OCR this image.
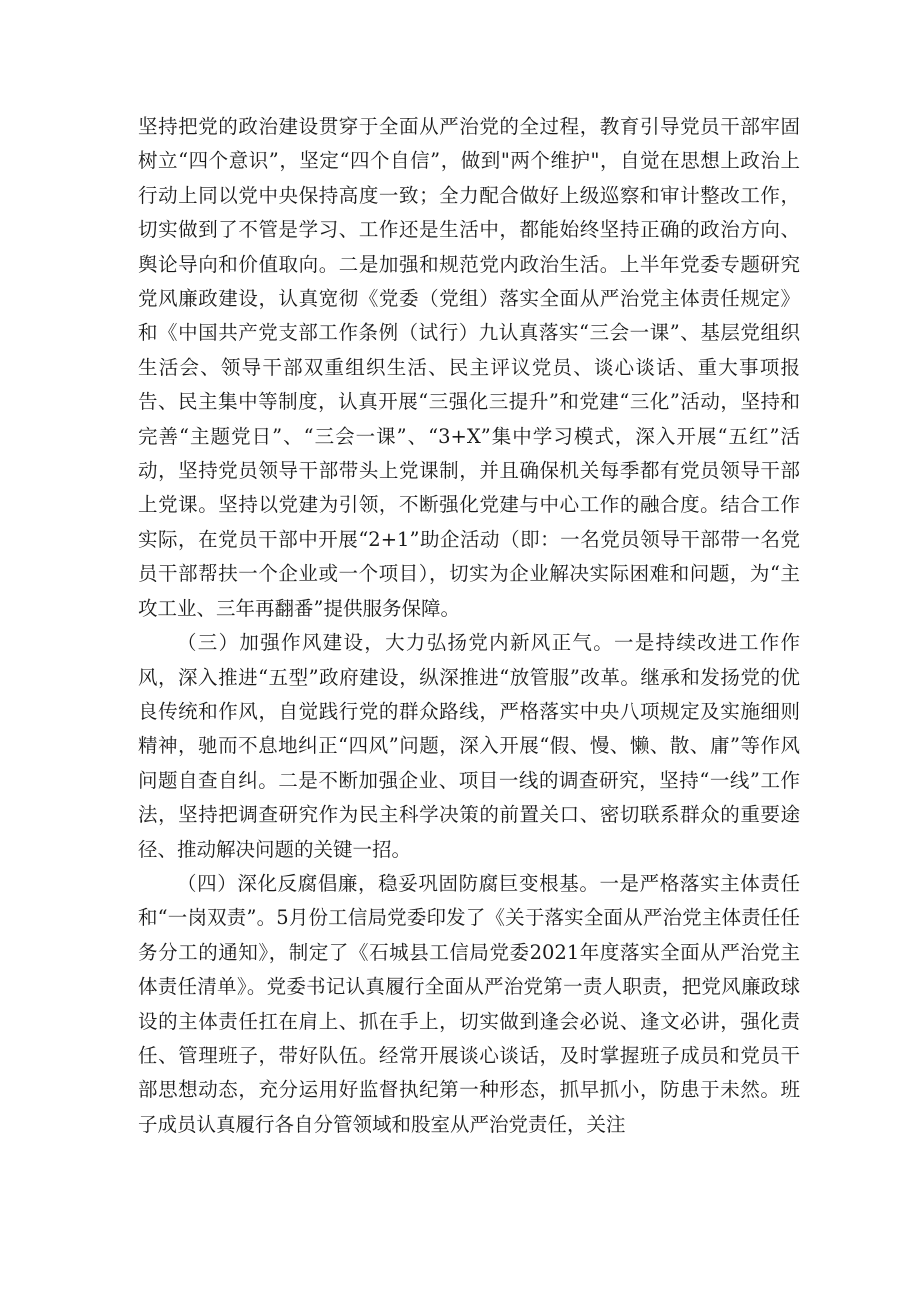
坚持把党的政治建设贯穿于全面从严治党的全过程，教育引导党员干部牢固树立“四个意识”，坚定“四个自信”，做到"两个维护"，自觉在思想上政治上行动上同以党中央保持高度一致；全力配合做好上级巡察和审计整改工作，切实做到了不管是学习、工作还是生活中，都能始终坚持正确的政治方向、舆论导向和价值取向。二是加强和规范党内政治生活。上半年党委专题研究党风廉政建设，认真宽彻《党委（党组）落实全面从严治党主体责任规定》和《中国共产党支部工作条例（试行）九认真落实“三会一课”、基层党组织生活会、领导干部双重组织生活、民主评议党员、谈心谈话、重大事项报告、民主集中等制度，认真开展“三强化三提升”和党建“三化”活动，坚持和完善“主题党日”、“三会一课”、“3+X”集中学习模式，深入开展“五红”活动，坚持党员领导干部带头上党课制，并且确保机关每季都有党员领导干部上党课。坚持以党建为引领，不断强化党建与中心工作的融合度。结合工作实际，在党员干部中开展“2+1”助企活动（即：一名党员领导干部带一名党员干部帮扶一个企业或一个项目），切实为企业解决实际困难和问题，为“主攻工业、三年再翻番”提供服务保障。

（三）加强作风建设，大力弘扬党内新风正气。一是持续改进工作作风，深入推进“五型”政府建设，纵深推进“放管服”改革。继承和发扬党的优良传统和作风，自觉践行党的群众路线，严格落实中央八项规定及实施细则精神，驰而不息地纠正“四风”问题，深入开展“假、慢、懒、散、庸”等作风问题自查自纠。二是不断加强企业、项目一线的调查研究，坚持“一线”工作法，坚持把调查研究作为民主科学决策的前置关口、密切联系群众的重要途径、推动解决问题的关键一招。

（四）深化反腐倡廉，稳妥巩固防腐巨变根基。一是严格落实主体责任和“一岗双责”。5月份工信局党委印发了《关于落实全面从严治党主体责任任务分工的通知》，制定了《石城县工信局党委2021年度落实全面从严治党主体责任清单》。党委书记认真履行全面从严治党第一责人职责，把党风廉政球设的主体责任扛在肩上、抓在手上，切实做到逢会必说、逢文必讲，强化责任、管理班子，带好队伍。经常开展谈心谈话，及时掌握班子成员和党员干部思想动态，充分运用好监督执纪第一种形态，抓早抓小，防患于未然。班子成员认真履行各自分管领域和股室从严治党责任，关注
